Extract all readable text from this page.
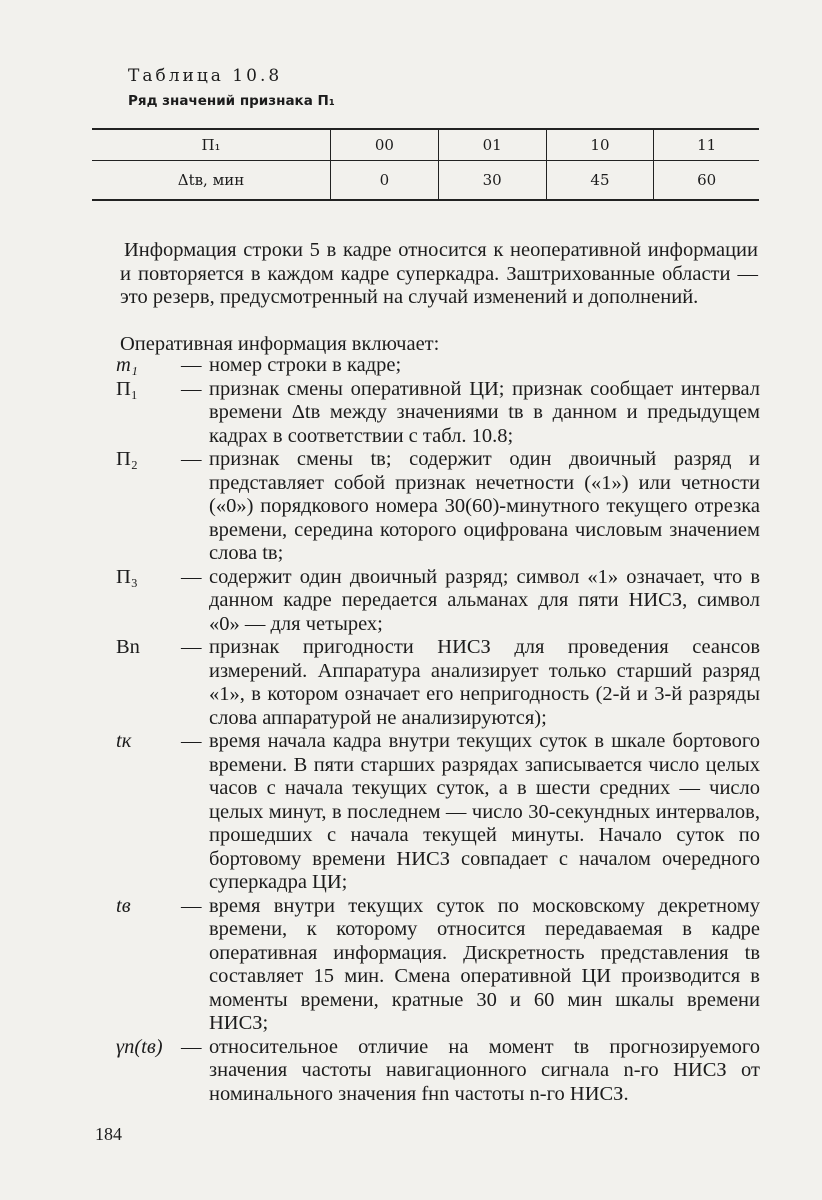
Таблица 10.8
Ряд значений признака П₁
П₁	00	01	10	11
Δtв, мин	0	30	45	60

Информация строки 5 в кадре относится к неоперативной информации и повторяется в каждом кадре суперкадра. Заштрихованные области — это резерв, предусмотренный на случай изменений и дополнений.

Оперативная информация включает:

m₁	— номер строки в кадре;
П₁	— признак смены оперативной ЦИ; признак сообщает интервал времени Δtв между значениями tв в данном и предыдущем кадрах в соответствии с табл. 10.8;
П₂	— признак смены tв; содержит один двоичный разряд и представляет собой признак нечетности («1») или четности («0») порядкового номера 30(60)-минутного текущего отрезка времени, середина которого оцифрована числовым значением слова tв;
П₃	— содержит один двоичный разряд; символ «1» означает, что в данном кадре передается альманах для пяти НИСЗ, символ «0» — для четырех;
Вn	— признак пригодности НИСЗ для проведения сеансов измерений. Аппаратура анализирует только старший разряд «1», в котором означает его непригодность (2-й и 3-й разряды слова аппаратурой не анализируются);
tк	— время начала кадра внутри текущих суток в шкале бортового времени. В пяти старших разрядах записывается число целых часов с начала текущих суток, а в шести средних — число целых минут, в последнем — число 30-секундных интервалов, прошедших с начала текущей минуты. Начало суток по бортовому времени НИСЗ совпадает с началом очередного суперкадра ЦИ;
tв	— время внутри текущих суток по московскому декретному времени, к которому относится передаваемая в кадре оперативная информация. Дискретность представления tв составляет 15 мин. Смена оперативной ЦИ производится в моменты времени, кратные 30 и 60 мин шкалы времени НИСЗ;
γn(tв) — относительное отличие на момент tв прогнозируемого значения частоты навигационного сигнала n-го НИСЗ от номинального значения fнn частоты n-го НИСЗ.
184
